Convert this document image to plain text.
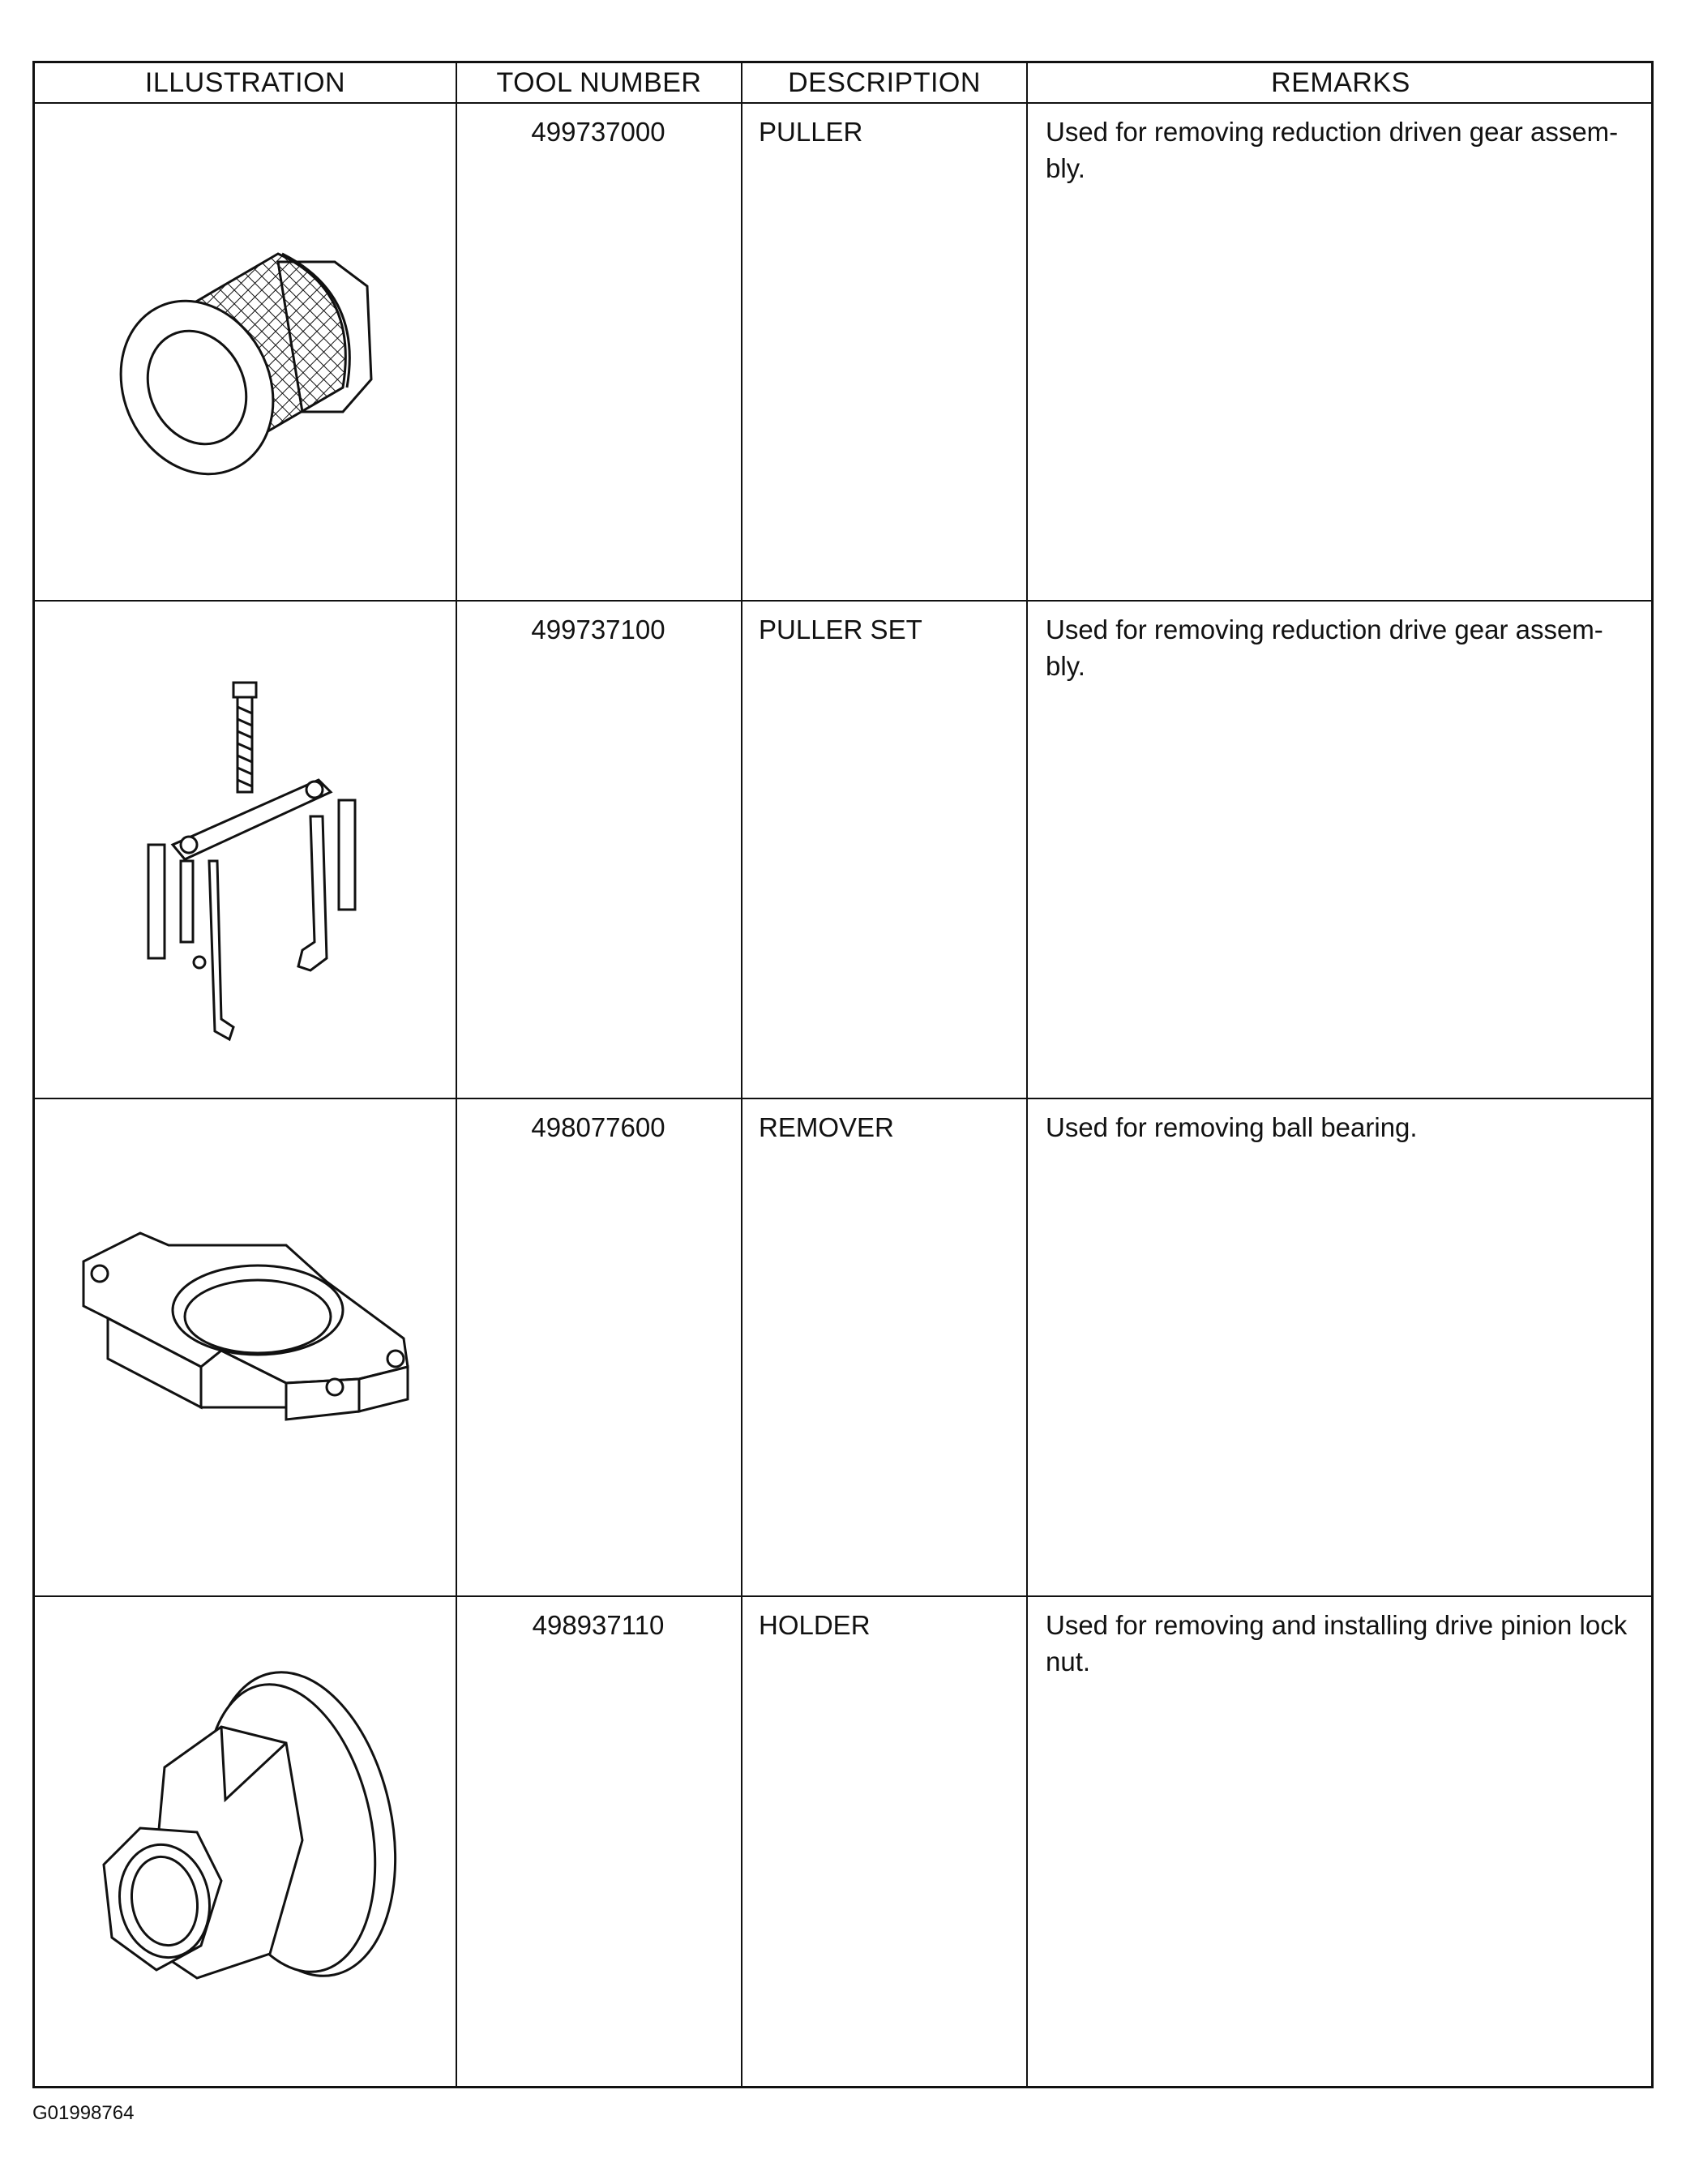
ILLUSTRATION	TOOL NUMBER	DESCRIPTION	REMARKS
499737000	PULLER	Used for removing reduction driven gear assem-bly.
499737100	PULLER SET	Used for removing reduction drive gear assem-bly.
498077600	REMOVER	Used for removing ball bearing.
498937110	HOLDER	Used for removing and installing drive pinion lock nut.
G01998764
